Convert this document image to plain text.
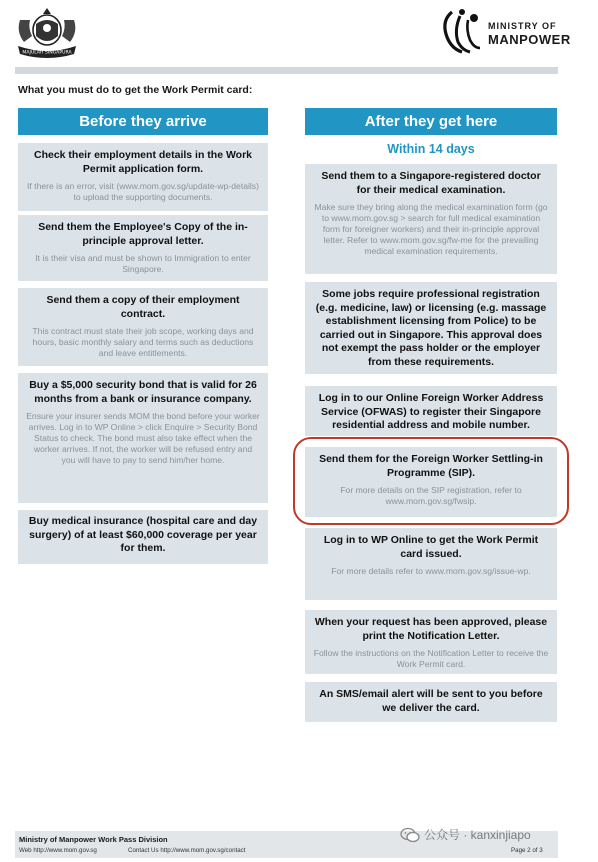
MAJULAH SINGAPURA
MINISTRY OF
MANPOWER
What you must do to get the Work Permit card:
Before they arrive
Check their employment details in the Work Permit application form.
If there is an error, visit (www.mom.gov.sg/update-wp-details) to upload the supporting documents.
Send them the Employee's Copy of the in-principle approval letter.
It is their visa and must be shown to Immigration to enter Singapore.
Send them a copy of their employment contract.
This contract must state their job scope, working days and hours, basic monthly salary and terms such as deductions and leave entitlements.
Buy a $5,000 security bond that is valid for 26 months from a bank or insurance company.
Ensure your insurer sends MOM the bond before your worker arrives. Log in to WP Online > click Enquire > Security Bond Status to check. The bond must also take effect when the worker arrives. If not, the worker will be refused entry and you will have to pay to send him/her home.
Buy medical insurance (hospital care and day surgery) of at least $60,000 coverage per year for them.
After they get here
Within 14 days
Send them to a Singapore-registered doctor for their medical examination.
Make sure they bring along the medical examination form (go to www.mom.gov.sg > search for full medical examination form for foreigner workers) and their in-principle approval letter. Refer to www.mom.gov.sg/fw-me for the prevailing medical examination requirements.
Some jobs require professional registration (e.g. medicine, law) or licensing (e.g. massage establishment licensing from Police) to be carried out in Singapore. This approval does not exempt the pass holder or the employer from these requirements.
Log in to our Online Foreign Worker Address Service (OFWAS) to register their Singapore residential address and mobile number.
Send them for the Foreign Worker Settling-in Programme (SIP).
For more details on the SIP registration, refer to www.mom.gov.sg/fwsip.
Log in to WP Online to get the Work Permit card issued.
For more details refer to www.mom.gov.sg/issue-wp.
When your request has been approved, please print the Notification Letter.
Follow the instructions on the Notification Letter to receive the Work Permit card.
An SMS/email alert will be sent to you before we deliver the card.
Ministry of Manpower Work Pass Division
Web http://www.mom.gov.sg	Contact Us http://www.mom.gov.sg/contact	Page 2 of 3
公众号 · kanxinjiapo
